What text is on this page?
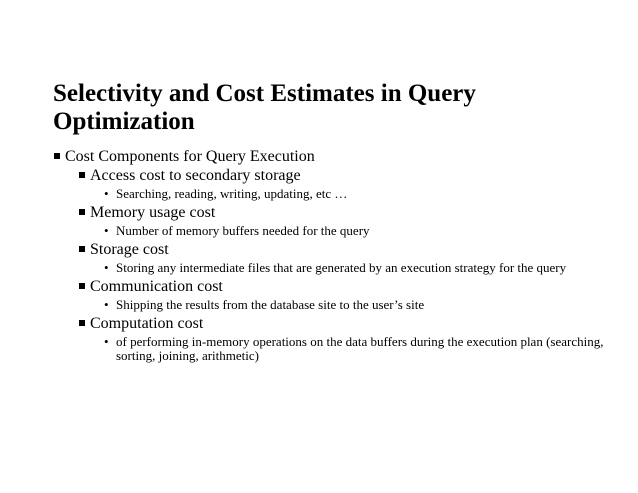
Selectivity and Cost Estimates in Query Optimization

Cost Components for Query Execution

Access cost to secondary storage

• Searching, reading, writing, updating, etc …

Memory usage cost

• Number of memory buffers needed for the query

Storage cost

• Storing any intermediate files that are generated by an execution strategy for the query

Communication cost

• Shipping the results from the database site to the user’s site

Computation cost

• of performing in-memory operations on the data buffers during the execution plan (searching, sorting, joining, arithmetic)
